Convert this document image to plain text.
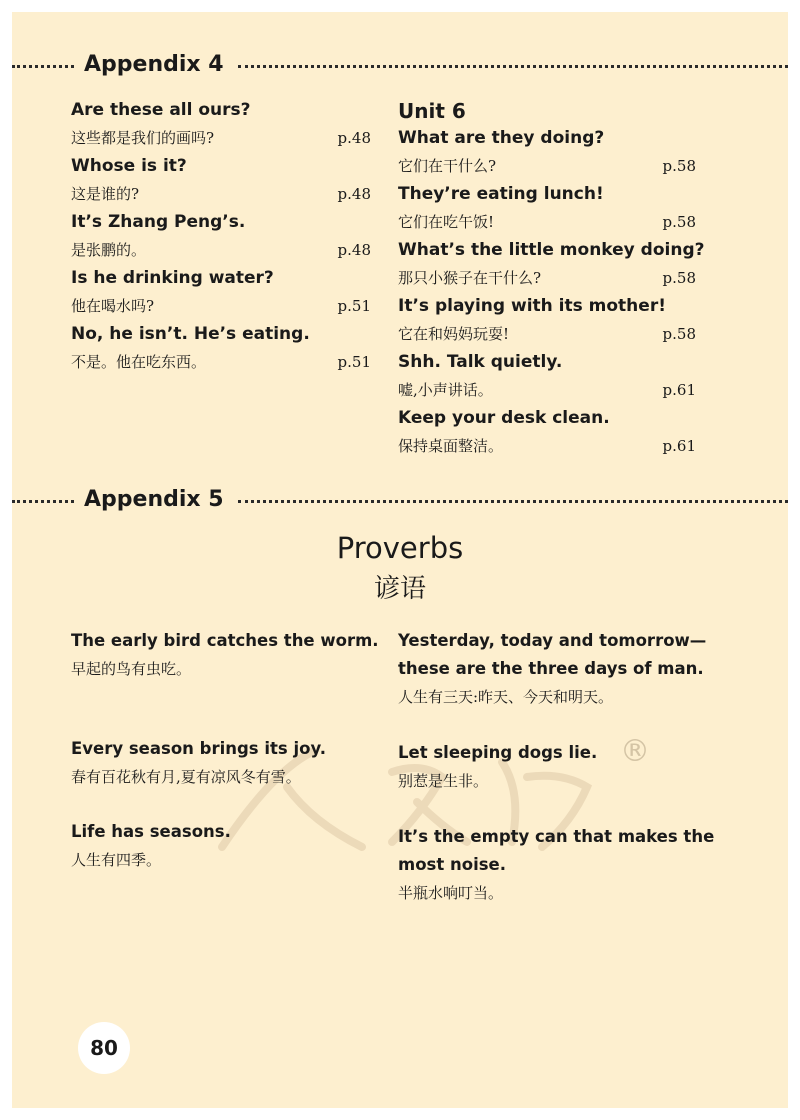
Appendix 4
Are these all ours?
这些都是我们的画吗?	p.48
Whose is it?
这是谁的?	p.48
It’s Zhang Peng’s.
是张鹏的。	p.48
Is he drinking water?
他在喝水吗?	p.51
No, he isn’t. He’s eating.
不是。他在吃东西。	p.51
Unit 6
What are they doing?
它们在干什么?	p.58
They’re eating lunch!
它们在吃午饭!	p.58
What’s the little monkey doing?
那只小猴子在干什么?	p.58
It’s playing with its mother!
它在和妈妈玩耍!	p.58
Shh. Talk quietly.
嘘,小声讲话。	p.61
Keep your desk clean.
保持桌面整洁。	p.61
Appendix 5
Proverbs
谚语
®
The early bird catches the worm.
早起的鸟有虫吃。
Every season brings its joy.
春有百花秋有月,夏有凉风冬有雪。
Life has seasons.
人生有四季。
Yesterday, today and tomorrow—
these are the three days of man.
人生有三天:昨天、今天和明天。
Let sleeping dogs lie.
别惹是生非。
It’s the empty can that makes the
most noise.
半瓶水响叮当。
80
